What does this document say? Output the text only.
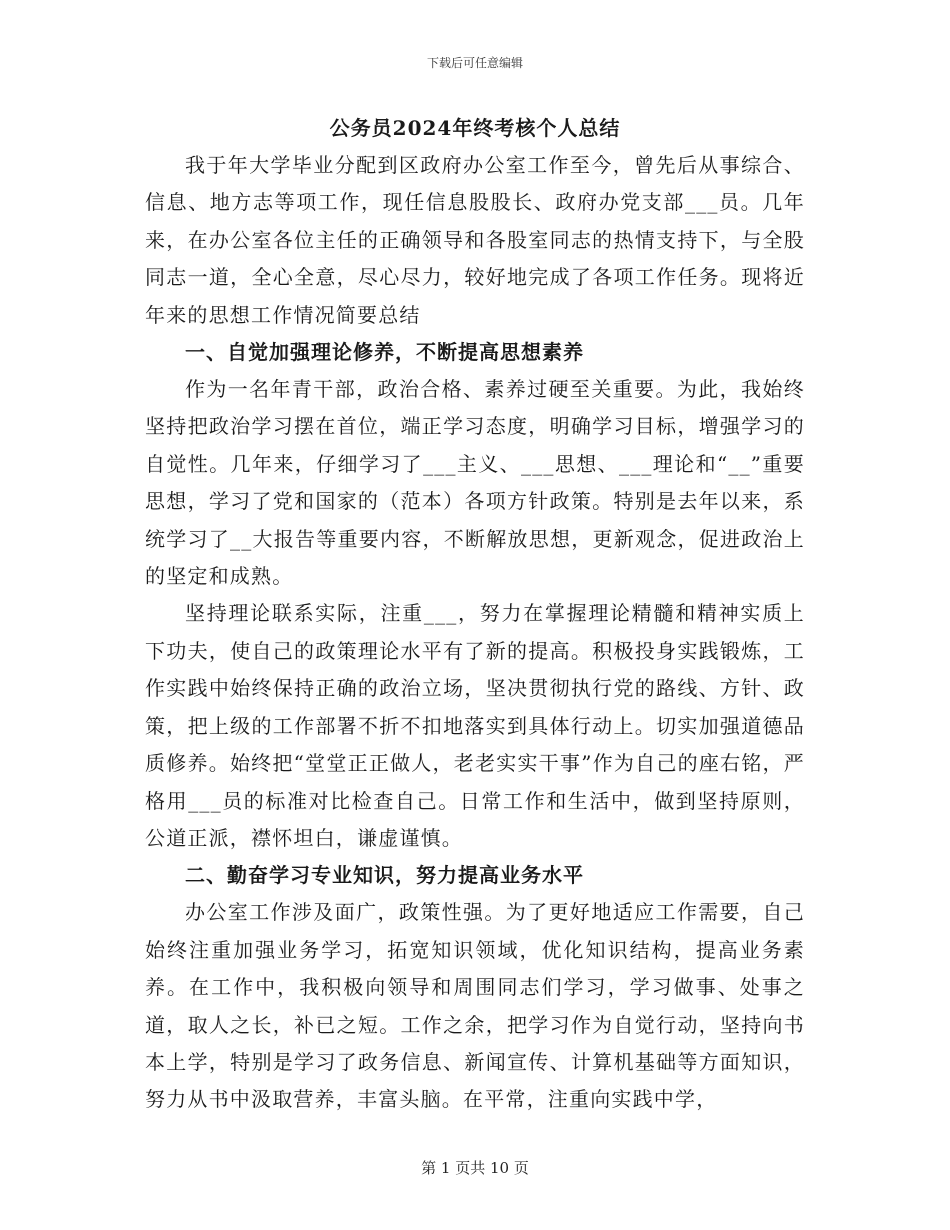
下载后可任意编辑
公务员2024年终考核个人总结

我于年大学毕业分配到区政府办公室工作至今，曾先后从事综合、信息、地方志等项工作，现任信息股股长、政府办党支部___员。几年来，在办公室各位主任的正确领导和各股室同志的热情支持下，与全股同志一道，全心全意，尽心尽力，较好地完成了各项工作任务。现将近年来的思想工作情况简要总结

一、自觉加强理论修养，不断提高思想素养

作为一名年青干部，政治合格、素养过硬至关重要。为此，我始终坚持把政治学习摆在首位，端正学习态度，明确学习目标，增强学习的自觉性。几年来，仔细学习了___主义、___思想、___理论和“__”重要思想，学习了党和国家的（范本）各项方针政策。特别是去年以来，系统学习了__大报告等重要内容，不断解放思想，更新观念，促进政治上的坚定和成熟。

坚持理论联系实际，注重___，努力在掌握理论精髓和精神实质上下功夫，使自己的政策理论水平有了新的提高。积极投身实践锻炼，工作实践中始终保持正确的政治立场，坚决贯彻执行党的路线、方针、政策，把上级的工作部署不折不扣地落实到具体行动上。切实加强道德品质修养。始终把“堂堂正正做人，老老实实干事”作为自己的座右铭，严格用___员的标准对比检查自己。日常工作和生活中，做到坚持原则，公道正派，襟怀坦白，谦虚谨慎。

二、勤奋学习专业知识，努力提高业务水平

办公室工作涉及面广，政策性强。为了更好地适应工作需要，自己始终注重加强业务学习，拓宽知识领域，优化知识结构，提高业务素养。在工作中，我积极向领导和周围同志们学习，学习做事、处事之道，取人之长，补已之短。工作之余，把学习作为自觉行动，坚持向书本上学，特别是学习了政务信息、新闻宣传、计算机基础等方面知识，努力从书中汲取营养，丰富头脑。在平常，注重向实践中学，

第 1 页共 10 页
